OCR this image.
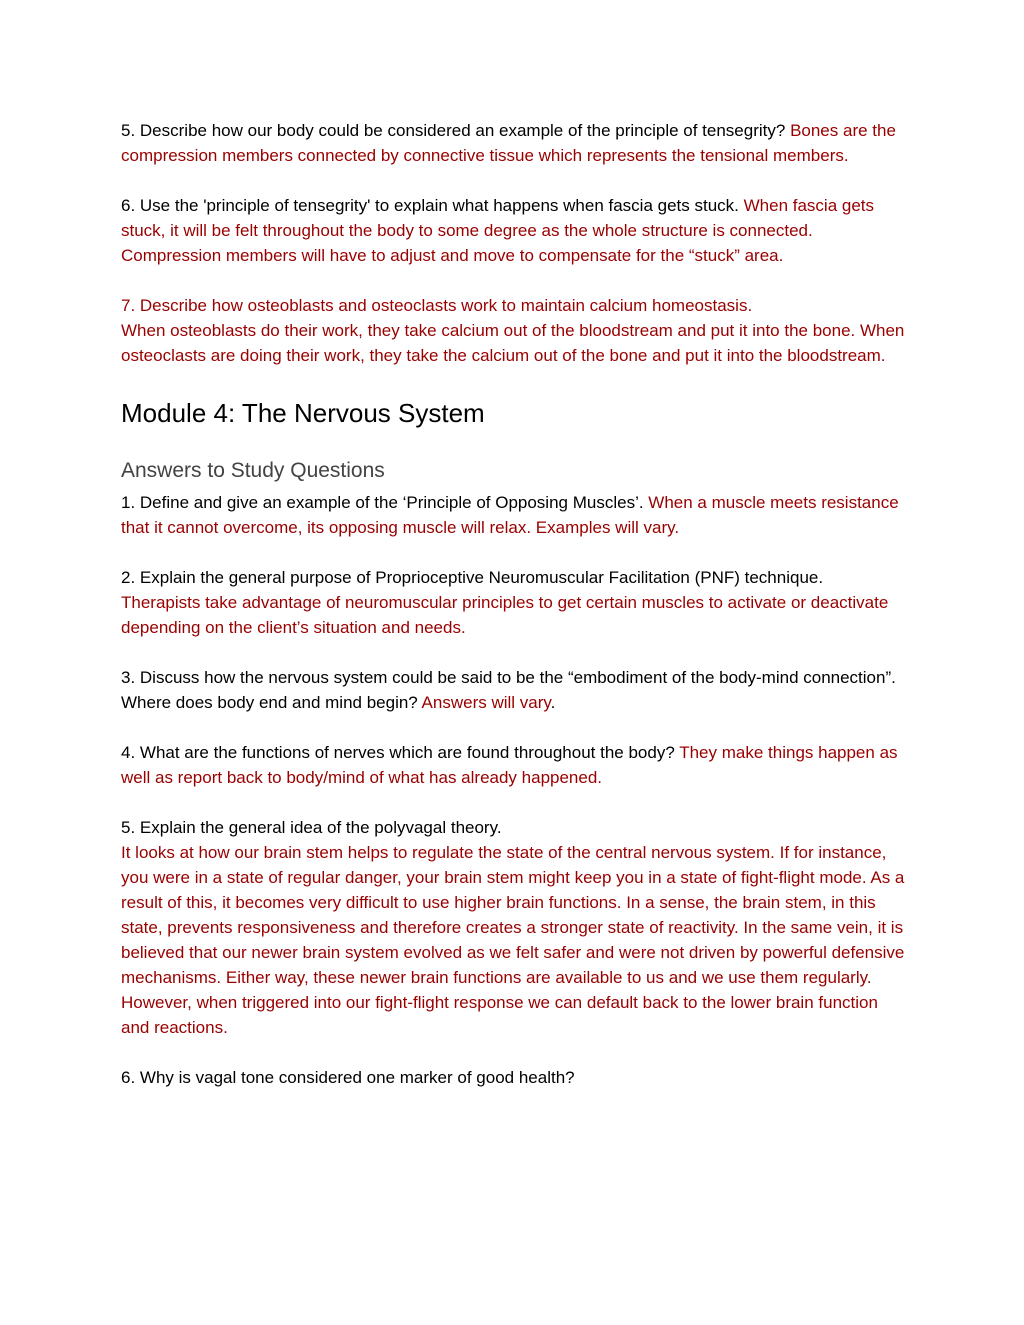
5. Describe how our body could be considered an example of the principle of tensegrity? Bones are the compression members connected by connective tissue which represents the tensional members.

6. Use the 'principle of tensegrity' to explain what happens when fascia gets stuck. When fascia gets stuck, it will be felt throughout the body to some degree as the whole structure is connected. Compression members will have to adjust and move to compensate for the “stuck” area.

7. Describe how osteoblasts and osteoclasts work to maintain calcium homeostasis.
When osteoblasts do their work, they take calcium out of the bloodstream and put it into the bone. When osteoclasts are doing their work, they take the calcium out of the bone and put it into the bloodstream.

Module 4: The Nervous System
Answers to Study Questions

1. Define and give an example of the ‘Principle of Opposing Muscles’. When a muscle meets resistance that it cannot overcome, its opposing muscle will relax. Examples will vary.

2. Explain the general purpose of Proprioceptive Neuromuscular Facilitation (PNF) technique.
Therapists take advantage of neuromuscular principles to get certain muscles to activate or deactivate depending on the client’s situation and needs.

3. Discuss how the nervous system could be said to be the “embodiment of the body-mind connection”. Where does body end and mind begin? Answers will vary.

4. What are the functions of nerves which are found throughout the body? They make things happen as well as report back to body/mind of what has already happened.

5. Explain the general idea of the polyvagal theory.
It looks at how our brain stem helps to regulate the state of the central nervous system. If for instance, you were in a state of regular danger, your brain stem might keep you in a state of fight-flight mode. As a result of this, it becomes very difficult to use higher brain functions. In a sense, the brain stem, in this state, prevents responsiveness and therefore creates a stronger state of reactivity. In the same vein, it is believed that our newer brain system evolved as we felt safer and were not driven by powerful defensive mechanisms. Either way, these newer brain functions are available to us and we use them regularly. However, when triggered into our fight-flight response we can default back to the lower brain function and reactions.

6. Why is vagal tone considered one marker of good health?
